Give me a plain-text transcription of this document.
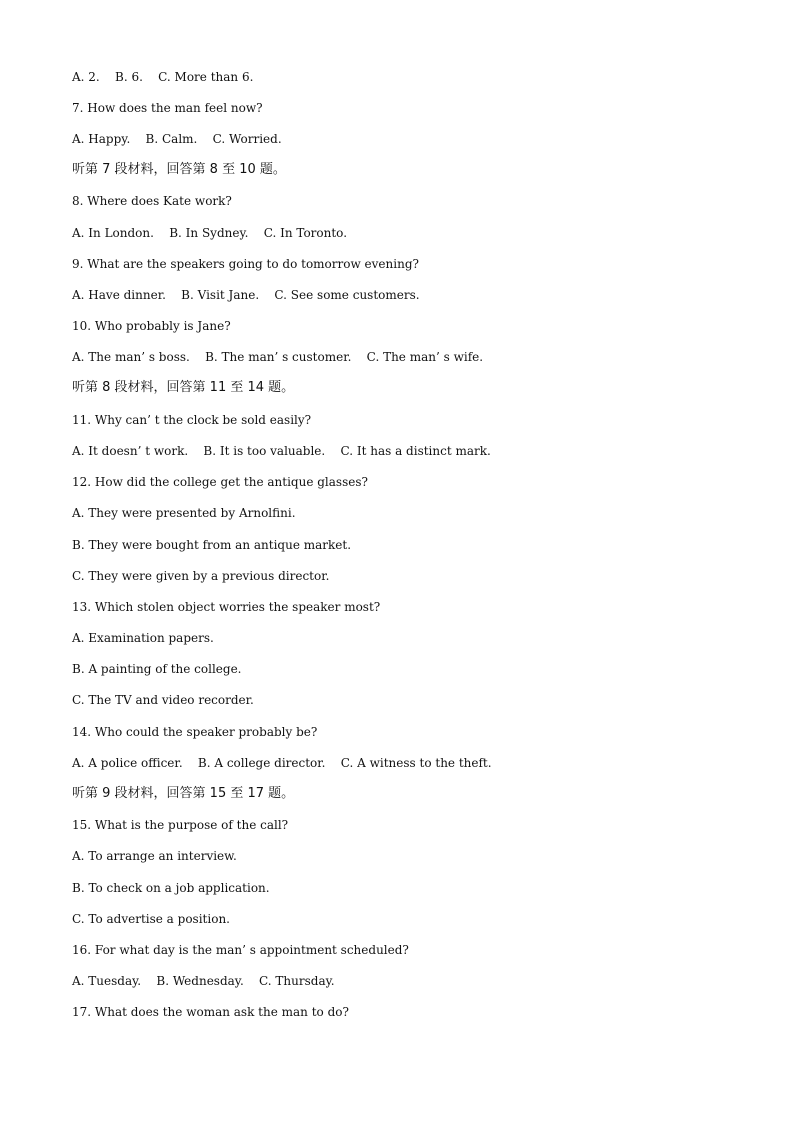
A. 2.    B. 6.    C. More than 6.
7. How does the man feel now?
A. Happy.    B. Calm.    C. Worried.
听第 7 段材料，回答第 8 至 10 题。
8. Where does Kate work?
A. In London.    B. In Sydney.    C. In Toronto.
9. What are the speakers going to do tomorrow evening?
A. Have dinner.    B. Visit Jane.    C. See some customers.
10. Who probably is Jane?
A. The man’ s boss.    B. The man’ s customer.    C. The man’ s wife.
听第 8 段材料，回答第 11 至 14 题。
11. Why can’ t the clock be sold easily?
A. It doesn’ t work.    B. It is too valuable.    C. It has a distinct mark.
12. How did the college get the antique glasses?
A. They were presented by Arnolfini.
B. They were bought from an antique market.
C. They were given by a previous director.
13. Which stolen object worries the speaker most?
A. Examination papers.
B. A painting of the college.
C. The TV and video recorder.
14. Who could the speaker probably be?
A. A police officer.    B. A college director.    C. A witness to the theft.
听第 9 段材料，回答第 15 至 17 题。
15. What is the purpose of the call?
A. To arrange an interview.
B. To check on a job application.
C. To advertise a position.
16. For what day is the man’ s appointment scheduled?
A. Tuesday.    B. Wednesday.    C. Thursday.
17. What does the woman ask the man to do?
